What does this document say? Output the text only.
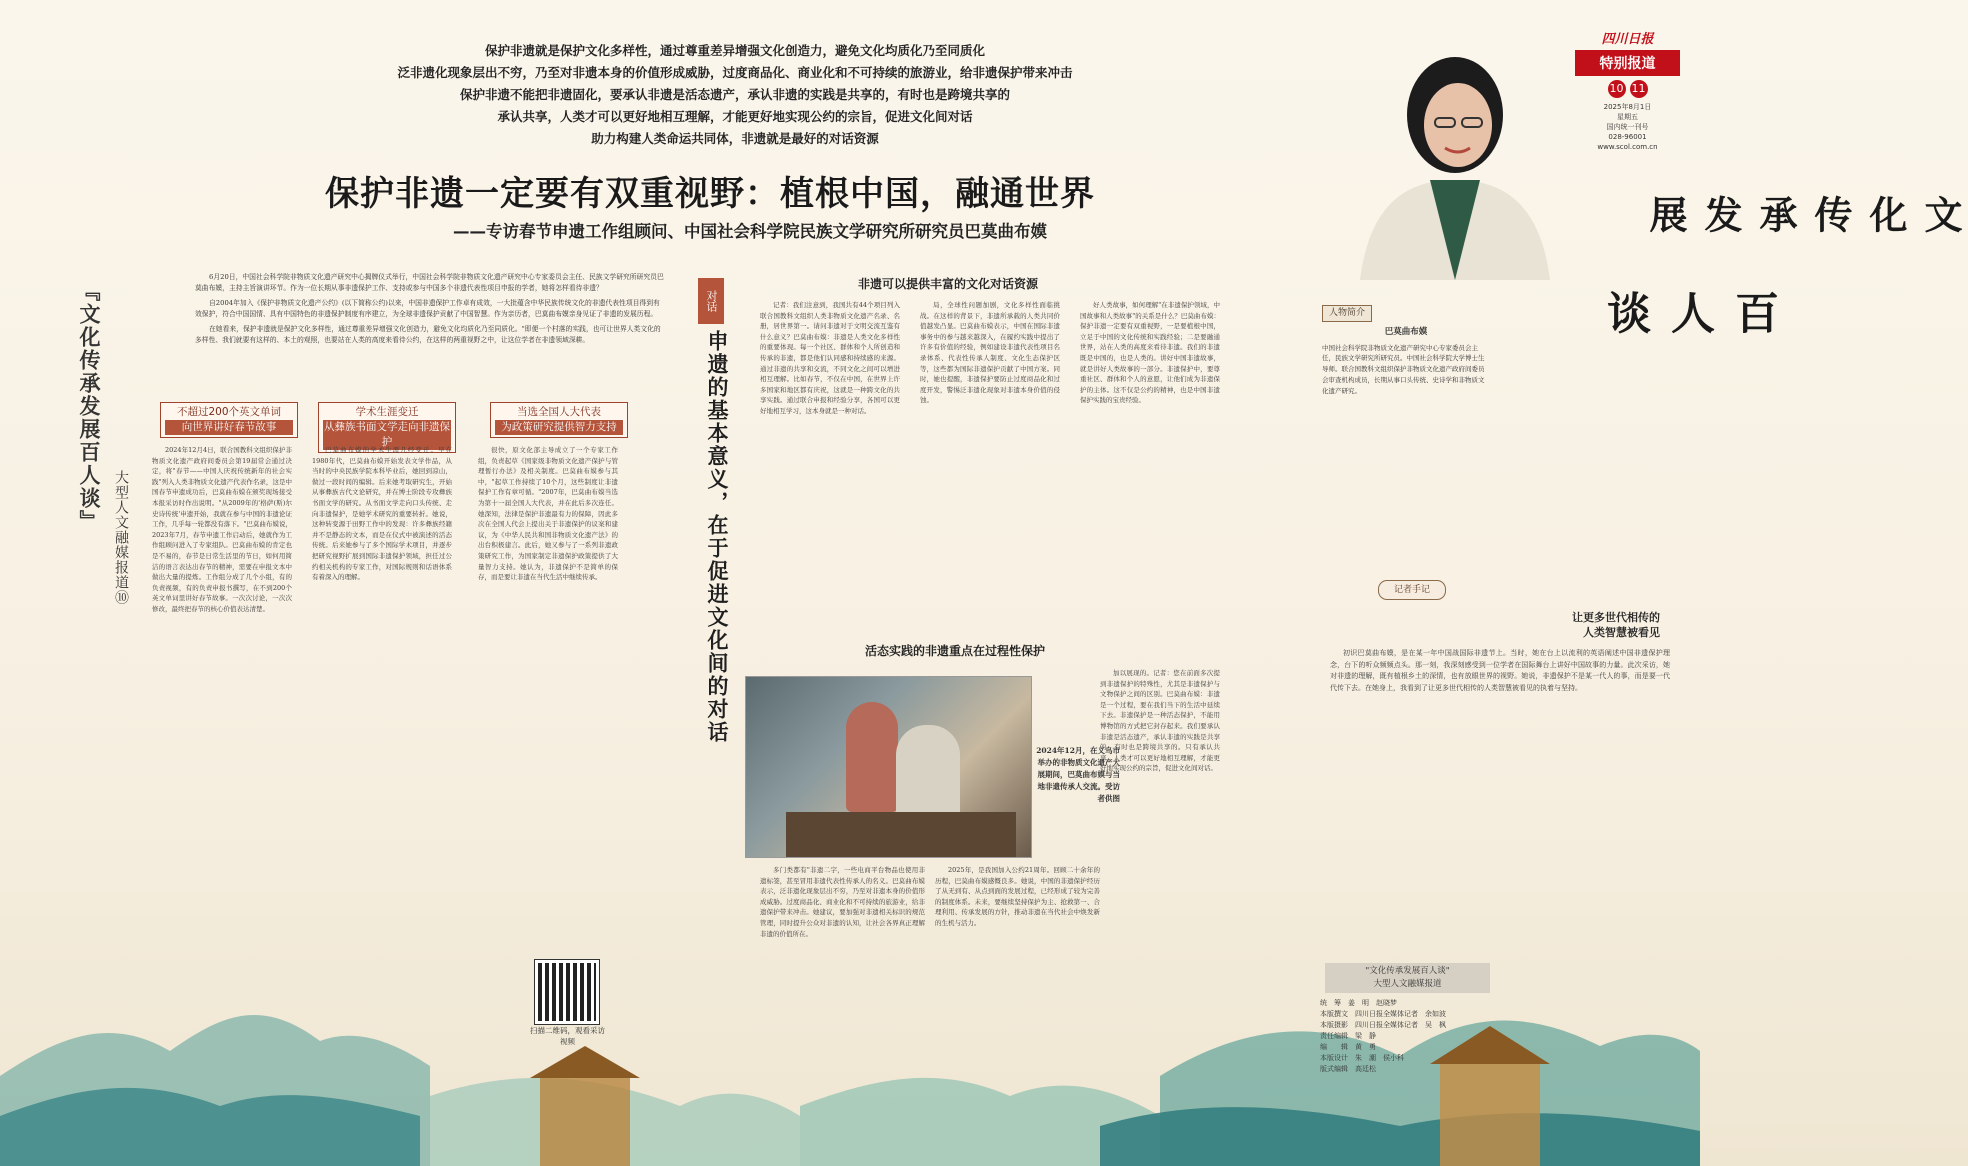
四川日报
特别报道
10 11
2025年8月1日
星期五
国内统一刊号
028-96001
www.scol.com.cn
文化传承发展
百人谈
保护非遗就是保护文化多样性，通过尊重差异增强文化创造力，避免文化均质化乃至同质化
泛非遗化现象层出不穷，乃至对非遗本身的价值形成威胁，过度商品化、商业化和不可持续的旅游业，给非遗保护带来冲击
保护非遗不能把非遗固化，要承认非遗是活态遗产，承认非遗的实践是共享的，有时也是跨境共享的
承认共享，人类才可以更好地相互理解，才能更好地实现公约的宗旨，促进文化间对话
助力构建人类命运共同体，非遗就是最好的对话资源
保护非遗一定要有双重视野：植根中国，融通世界
——专访春节申遗工作组顾问、中国社会科学院民族文学研究所研究员巴莫曲布嫫
『文化传承发展百人谈』
大型人文融媒报道⑩

6月20日，中国社会科学院非物质文化遗产研究中心揭牌仪式举行，中国社会科学院非物质文化遗产研究中心专家委员会主任、民族文学研究所研究员巴莫曲布嫫，主持主旨演讲环节。作为一位长期从事非遗保护工作、支持或参与中国多个非遗代表性项目申报的学者，她将怎样看待非遗？

自2004年加入《保护非物质文化遗产公约》(以下简称公约)以来，中国非遗保护工作卓有成效，一大批蕴含中华民族传统文化的非遗代表性项目得到有效保护，符合中国国情、具有中国特色的非遗保护制度有序建立，为全球非遗保护贡献了中国智慧。作为亲历者，巴莫曲布嫫亲身见证了非遗的发展历程。

在她看来，保护非遗就是保护文化多样性，通过尊重差异增强文化创造力，避免文化均质化乃至同质化。"即便一个村落的实践，也可让世界人类文化的多样性、我们就要有这样的、本土的观照，也要站在人类的高度来看待公约，在这样的两重视野之中，让这位学者在非遗领域深耕。

不超过200个英文单词
向世界讲好春节故事
学术生涯变迁
从彝族书面文学走向非遗保护
当选全国人大代表
为政策研究提供智力支持

2024年12月4日，联合国教科文组织保护非物质文化遗产政府间委员会第19届常会通过决定，将"春节——中国人庆祝传统新年的社会实践"列入人类非物质文化遗产代表作名录，这是中国春节申遗成功后，巴莫曲布嫫在颁奖现场接受本报采访时作出说明。"从2009年的'格萨(斯)尔史诗传统'申遗开始，我就在参与中国的非遗论证工作，几乎每一轮都没有落下。"巴莫曲布嫫说，2023年7月，春节申遗工作启动后，她就作为工作组顾问进入了专家组队。巴莫曲布嫫的肯定也是不易的，春节是日常生活里的节日，如何用简洁的语言表达出春节的精神，需要在申报文本中做出大量的提炼。工作组分成了几个小组，有的负责视频，有的负责申报书撰写，在不到200个英文单词里讲好春节故事。一次次讨论，一次次修改，最终把春节的核心价值表达清楚。

巴莫曲布嫫的学术生涯几经变迁。早在1980年代，巴莫曲布嫫开始发表文学作品，从当时的中央民族学院本科毕业后，她回到凉山，做过一段时间的编辑。后来她考取研究生，开始从事彝族古代文论研究，并在博士阶段专攻彝族书面文学的研究。从书面文学走向口头传统、走向非遗保护，是她学术研究的重要转折。她说，这种转变源于田野工作中的发现：许多彝族经籍并不是静态的文本，而是在仪式中被演述的活态传统。后来她参与了多个国际学术项目，并逐步把研究视野扩展到国际非遗保护领域，担任过公约相关机构的专家工作，对国际规则和话语体系有着深入的理解。

很快，原文化部主导成立了一个专家工作组，负责起草《国家级非物质文化遗产保护与管理暂行办法》及相关制度。巴莫曲布嫫参与其中，"起草工作持续了10个月，这些制度让非遗保护工作有章可循。"2007年，巴莫曲布嫫当选为第十一届全国人大代表，并在此后多次连任。她深知，法律是保护非遗最有力的保障，因此多次在全国人代会上提出关于非遗保护的议案和建议，为《中华人民共和国非物质文化遗产法》的出台积极建言。此后，她又参与了一系列非遗政策研究工作，为国家制定非遗保护政策提供了大量智力支持。她认为，非遗保护不是简单的保存，而是要让非遗在当代生活中继续传承。

对话
申遗的基本意义，在于促进文化间的对话
非遗可以提供丰富的文化对话资源

记者：我们注意到，我国共有44个项目列入联合国教科文组织人类非物质文化遗产名录、名册，居世界第一。请问非遗对于文明交流互鉴有什么意义？巴莫曲布嫫：非遗是人类文化多样性的重要体现。每一个社区、群体和个人所创造和传承的非遗，都是他们认同感和持续感的来源。通过非遗的共享和交流，不同文化之间可以增进相互理解。比如春节，不仅在中国，在世界上许多国家和地区都有庆祝，这就是一种跨文化的共享实践。通过联合申报和经验分享，各国可以更好地相互学习，这本身就是一种对话。

局，全球性问题加剧，文化多样性面临挑战。在这样的背景下，非遗所承载的人类共同价值越发凸显。巴莫曲布嫫表示，中国在国际非遗事务中的参与越来越深入，在履约实践中提出了许多有价值的经验，例如建设非遗代表性项目名录体系、代表性传承人制度、文化生态保护区等，这些都为国际非遗保护贡献了中国方案。同时，她也提醒，非遗保护要防止过度商品化和过度开发，警惕泛非遗化现象对非遗本身价值的侵蚀。

好人类故事，如何理解"在非遗保护领域，中国故事和人类故事"的关系是什么？巴莫曲布嫫：保护非遗一定要有双重视野，一是要植根中国，立足于中国的文化传统和实践经验；二是要融通世界，站在人类的高度来看待非遗。我们的非遗既是中国的，也是人类的。讲好中国非遗故事，就是讲好人类故事的一部分。非遗保护中，要尊重社区、群体和个人的意愿，让他们成为非遗保护的主体。这不仅是公约的精神，也是中国非遗保护实践的宝贵经验。

活态实践的非遗重点在过程性保护
2024年12月，在义乌市举办的非物质文化遗产大展期间，巴莫曲布嫫与当地非遗传承人交流。受访者供图

加以展现的。记者：您在前面多次提到非遗保护的特殊性，尤其是非遗保护与文物保护之间的区别。巴莫曲布嫫：非遗是一个过程，要在我们当下的生活中延续下去。非遗保护是一种活态保护，不能用博物馆的方式把它封存起来。我们要承认非遗是活态遗产，承认非遗的实践是共享的，有时也是跨境共享的。只有承认共享，人类才可以更好地相互理解，才能更好地实现公约的宗旨，促进文化间对话。

多门类都有"非遗二字，一些电商平台物品也使用非遗标签，甚至冒用非遗代表性传承人的名义。巴莫曲布嫫表示，泛非遗化现象层出不穷，乃至对非遗本身的价值形成威胁。过度商品化、商业化和不可持续的旅游业，给非遗保护带来冲击。她建议，要加强对非遗相关标识的规范管理，同时提升公众对非遗的认知，让社会各界真正理解非遗的价值所在。

2025年，是我国加入公约21周年。回顾二十余年的历程，巴莫曲布嫫感慨良多。她说，中国的非遗保护经历了从无到有、从点到面的发展过程，已经形成了较为完善的制度体系。未来，要继续坚持保护为主、抢救第一、合理利用、传承发展的方针，推动非遗在当代社会中焕发新的生机与活力。

扫描二维码，观看采访视频
人物简介
巴莫曲布嫫
中国社会科学院非物质文化遗产研究中心专家委员会主任，民族文学研究所研究员。中国社会科学院大学博士生导师。联合国教科文组织保护非物质文化遗产政府间委员会审查机构成员，长期从事口头传统、史诗学和非物质文化遗产研究。
记者手记
让更多世代相传的
人类智慧被看见

初识巴莫曲布嫫，是在某一年中国战国际非遗节上。当时，她在台上以流利的英语阐述中国非遗保护理念，台下的听众频频点头。那一刻，我深刻感受到一位学者在国际舞台上讲好中国故事的力量。此次采访，她对非遗的理解，既有植根乡土的深情，也有放眼世界的视野。她说，非遗保护不是某一代人的事，而是要一代代传下去。在她身上，我看到了让更多世代相传的人类智慧被看见的执着与坚持。

"文化传承发展百人谈"
大型人文融媒报道
统　筹　姜　明　赵晓梦
本版撰文　四川日报全媒体记者　余如波
本版摄影　四川日报全媒体记者　吴　枫
责任编辑　梁　静
编　　辑　黄　勇
本版设计　朱　潮　侯小科
版式编辑　高廷松
